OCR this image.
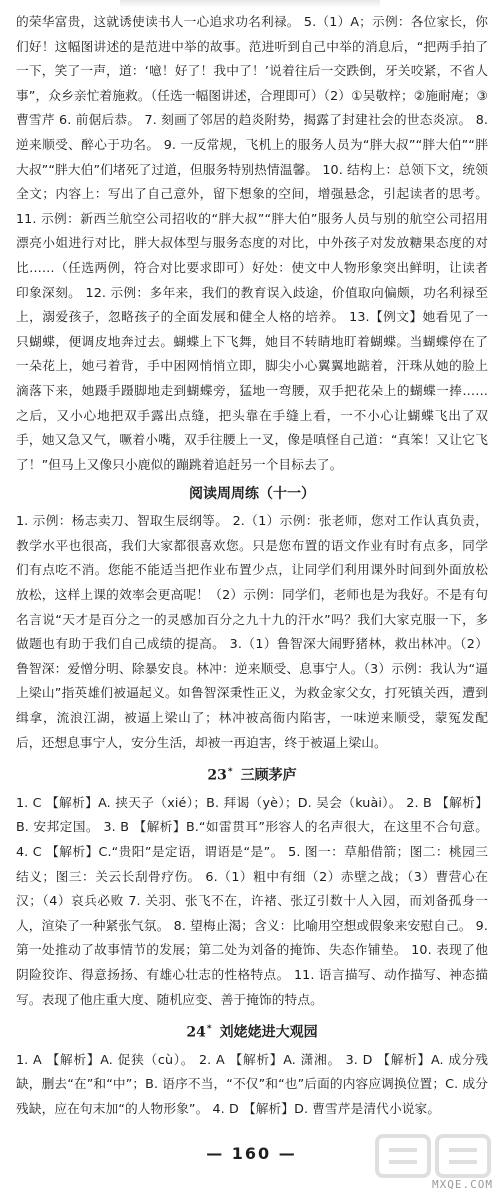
的荣华富贵，这就诱使读书人一心追求功名利禄。 5.（1）A；示例：各位家长，你们好！这幅图讲述的是范进中举的故事。范进听到自己中举的消息后，“把两手拍了一下，笑了一声，道：‘噫！好了！我中了！’说着往后一交跌倒，牙关咬紧，不省人事”，众乡亲忙着施救。（任选一幅图讲述，合理即可）（2）①吴敬梓；②施耐庵；③曹雪芹 6. 前倨后恭。 7. 刻画了邻居的趋炎附势，揭露了封建社会的世态炎凉。 8. 逆来顺受、醉心于功名。 9. 一反常规，飞机上的服务人员为“胖大叔”“胖大伯”“胖大叔”“胖大伯”们堵死了过道，但服务特别热情温馨。 10. 结构上：总领下文，统领全文；内容上：写出了自己意外，留下想象的空间，增强悬念，引起读者的思考。 11. 示例：新西兰航空公司招收的“胖大叔”“胖大伯”服务人员与别的航空公司招用漂亮小姐进行对比，胖大叔体型与服务态度的对比，中外孩子对发放糖果态度的对比……（任选两例，符合对比要求即可）好处：使文中人物形象突出鲜明，让读者印象深刻。 12. 示例：多年来，我们的教育误入歧途，价值取向偏颇，功名利禄至上，溺爱孩子，忽略孩子的全面发展和健全人格的培养。 13.【例文】她看见了一只蝴蝶，便调皮地奔过去。蝴蝶上下飞舞，她目不转睛地盯着蝴蝶。当蝴蝶停在了一朵花上，她弓着背，手中困网悄悄立即，脚尖小心翼翼地踮着，汗珠从她的脸上滴落下来，她蹑手蹑脚地走到蝴蝶旁，猛地一弯腰，双手把花朵上的蝴蝶一捧……之后，又小心地把双手露出点缝，把头靠在手缝上看，一不小心让蝴蝶飞出了双手，她又急又气，噘着小嘴，双手往腰上一叉，像是嗔怪自己道：“真笨！又让它飞了！”但马上又像只小鹿似的蹦跳着追赶另一个目标去了。

阅读周周练（十一）

1. 示例：杨志卖刀、智取生辰纲等。 2.（1）示例：张老师，您对工作认真负责，教学水平也很高，我们大家都很喜欢您。只是您布置的语文作业有时有点多，同学们有点吃不消。您能不能适当把作业布置少点，让同学们利用课外时间到外面放松放松，这样上课的效率会更高呢！（2）示例：同学们，老师也是为我好。不是有句名言说“天才是百分之一的灵感加百分之九十九的汗水”吗？我们大家克服一下，多做题也有助于我们自己成绩的提高。 3.（1）鲁智深大闹野猪林，救出林冲。（2）鲁智深：爱憎分明、除暴安良。林冲：逆来顺受、息事宁人。（3）示例：我认为“逼上梁山”指英雄们被逼起义。如鲁智深秉性正义，为救金家父女，打死镇关西，遭到缉拿，流浪江湖，被逼上梁山了；林冲被高衙内陷害，一味逆来顺受，蒙冤发配后，还想息事宁人，安分生活，却被一再迫害，终于被逼上梁山。

23* 三顾茅庐

1. C 【解析】A. 挟天子（xié）；B. 拜谒（yè）；D. 吴会（kuài）。 2. B 【解析】B. 安邦定国。 3. B 【解析】B.“如雷贯耳”形容人的名声很大，在这里不合句意。 4. C 【解析】C.“贵阳”是定语，谓语是“是”。 5. 图一：草船借箭；图二：桃园三结义；图三：关云长刮骨疗伤。 6.（1）粗中有细（2）赤壁之战；（3）曹营心在汉；（4）哀兵必败 7. 关羽、张飞不在，许褚、张辽引数十人入园，而刘备孤身一人，渲染了一种紧张气氛。 8. 望梅止渴；含义：比喻用空想或假象来安慰自己。 9. 第一处推动了故事情节的发展；第二处为刘备的掩饰、失态作铺垫。 10. 表现了他阴险狡诈、得意扬扬、有雄心壮志的性格特点。 11. 语言描写、动作描写、神态描写。表现了他庄重大度、随机应变、善于掩饰的特点。

24* 刘姥姥进大观园

1. A 【解析】A. 促狭（cù）。 2. A 【解析】A. 潇湘。 3. D 【解析】A. 成分残缺，删去“在”和“中”；B. 语序不当，“不仅”和“也”后面的内容应调换位置；C. 成分残缺，应在句末加“的人物形象”。 4. D 【解析】D. 曹雪芹是清代小说家。

— 160 —
MXQE.COM
